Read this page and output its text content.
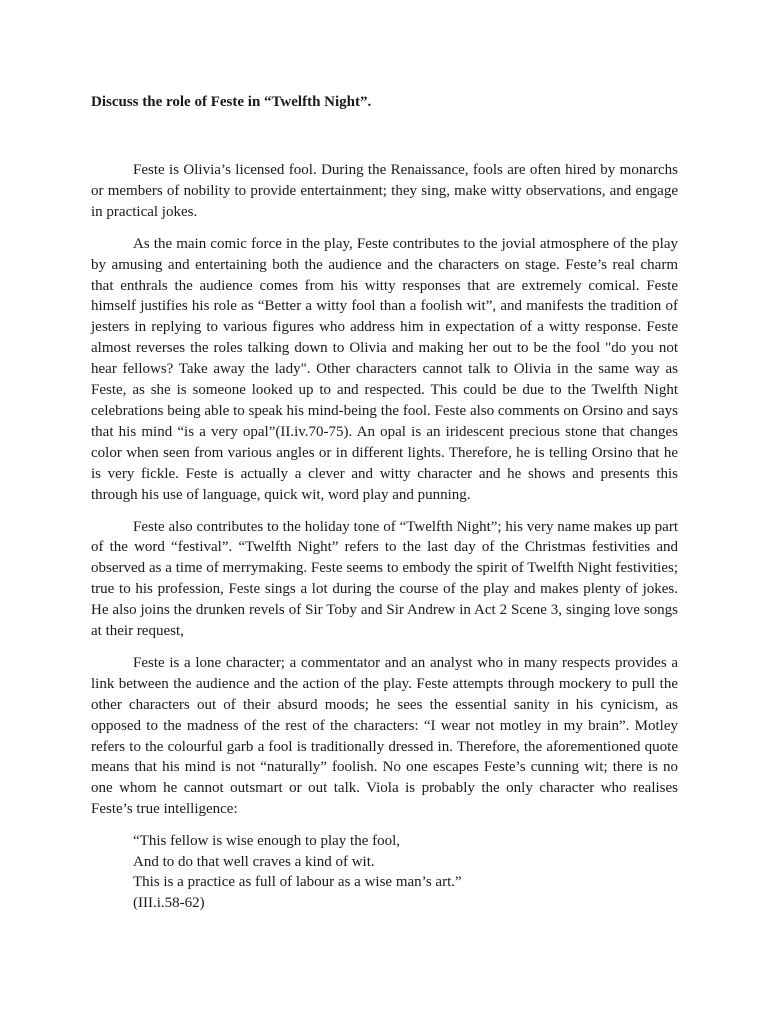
Discuss the role of Feste in “Twelfth Night”.

Feste is Olivia’s licensed fool. During the Renaissance, fools are often hired by monarchs or members of nobility to provide entertainment; they sing, make witty observations, and engage in practical jokes.

As the main comic force in the play, Feste contributes to the jovial atmosphere of the play by amusing and entertaining both the audience and the characters on stage. Feste’s real charm that enthrals the audience comes from his witty responses that are extremely comical. Feste himself justifies his role as “Better a witty fool than a foolish wit”, and manifests the tradition of jesters in replying to various figures who address him in expectation of a witty response. Feste almost reverses the roles talking down to Olivia and making her out to be the fool "do you not hear fellows? Take away the lady". Other characters cannot talk to Olivia in the same way as Feste, as she is someone looked up to and respected. This could be due to the Twelfth Night celebrations being able to speak his mind-being the fool. Feste also comments on Orsino and says that his mind “is a very opal”(II.iv.70-75). An opal is an iridescent precious stone that changes color when seen from various angles or in different lights. Therefore, he is telling Orsino that he is very fickle. Feste is actually a clever and witty character and he shows and presents this through his use of language, quick wit, word play and punning.

Feste also contributes to the holiday tone of “Twelfth Night”; his very name makes up part of the word “festival”. “Twelfth Night” refers to the last day of the Christmas festivities and observed as a time of merrymaking. Feste seems to embody the spirit of Twelfth Night festivities; true to his profession, Feste sings a lot during the course of the play and makes plenty of jokes. He also joins the drunken revels of Sir Toby and Sir Andrew in Act 2 Scene 3, singing love songs at their request,

Feste is a lone character; a commentator and an analyst who in many respects provides a link between the audience and the action of the play. Feste attempts through mockery to pull the other characters out of their absurd moods; he sees the essential sanity in his cynicism, as opposed to the madness of the rest of the characters: “I wear not motley in my brain”. Motley refers to the colourful garb a fool is traditionally dressed in. Therefore, the aforementioned quote means that his mind is not “naturally” foolish. No one escapes Feste’s cunning wit; there is no one whom he cannot outsmart or out talk. Viola is probably the only character who realises Feste’s true intelligence:

“This fellow is wise enough to play the fool,
And to do that well craves a kind of wit.
This is a practice as full of labour as a wise man’s art.”
(III.i.58-62)
